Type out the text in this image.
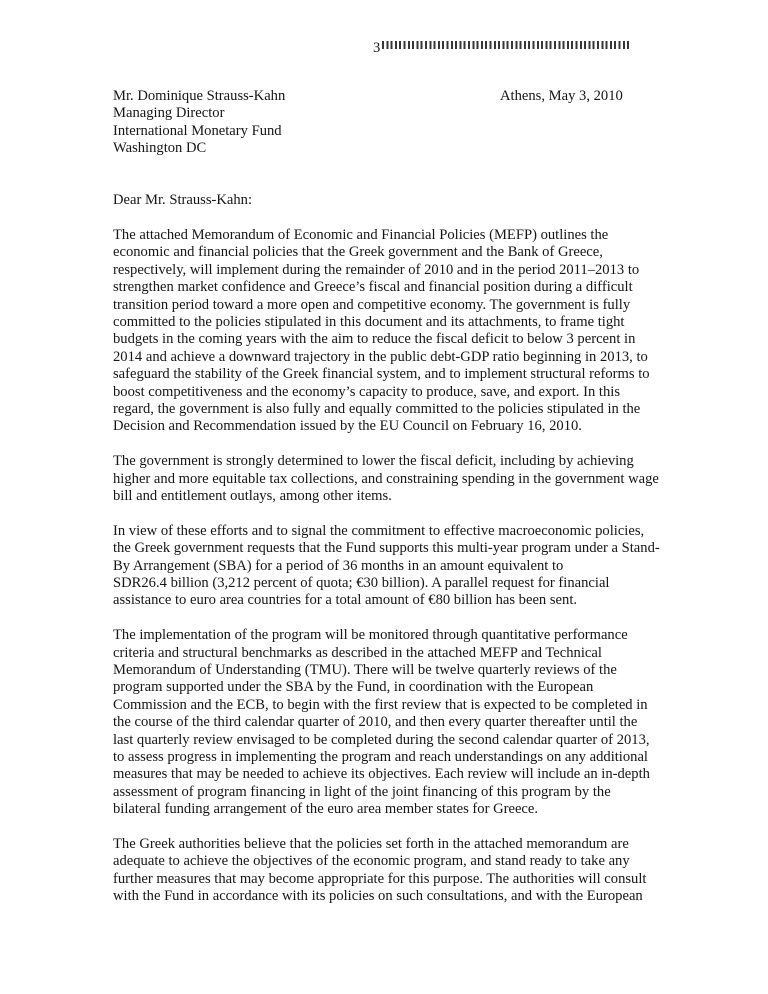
3
Mr. Dominique Strauss-Kahn
Managing Director
International Monetary Fund
Washington DC
Athens, May 3, 2010
Dear Mr. Strauss-Kahn:

The attached Memorandum of Economic and Financial Policies (MEFP) outlines the
economic and financial policies that the Greek government and the Bank of Greece,
respectively, will implement during the remainder of 2010 and in the period 2011–2013 to
strengthen market confidence and Greece’s fiscal and financial position during a difficult
transition period toward a more open and competitive economy. The government is fully
committed to the policies stipulated in this document and its attachments, to frame tight
budgets in the coming years with the aim to reduce the fiscal deficit to below 3 percent in
2014 and achieve a downward trajectory in the public debt-GDP ratio beginning in 2013, to
safeguard the stability of the Greek financial system, and to implement structural reforms to
boost competitiveness and the economy’s capacity to produce, save, and export. In this
regard, the government is also fully and equally committed to the policies stipulated in the
Decision and Recommendation issued by the EU Council on February 16, 2010.

The government is strongly determined to lower the fiscal deficit, including by achieving
higher and more equitable tax collections, and constraining spending in the government wage
bill and entitlement outlays, among other items.

In view of these efforts and to signal the commitment to effective macroeconomic policies,
the Greek government requests that the Fund supports this multi-year program under a Stand-
By Arrangement (SBA) for a period of 36 months in an amount equivalent to
SDR26.4 billion (3,212 percent of quota; €30 billion). A parallel request for financial
assistance to euro area countries for a total amount of €80 billion has been sent.

The implementation of the program will be monitored through quantitative performance
criteria and structural benchmarks as described in the attached MEFP and Technical
Memorandum of Understanding (TMU). There will be twelve quarterly reviews of the
program supported under the SBA by the Fund, in coordination with the European
Commission and the ECB, to begin with the first review that is expected to be completed in
the course of the third calendar quarter of 2010, and then every quarter thereafter until the
last quarterly review envisaged to be completed during the second calendar quarter of 2013,
to assess progress in implementing the program and reach understandings on any additional
measures that may be needed to achieve its objectives. Each review will include an in-depth
assessment of program financing in light of the joint financing of this program by the
bilateral funding arrangement of the euro area member states for Greece.

The Greek authorities believe that the policies set forth in the attached memorandum are
adequate to achieve the objectives of the economic program, and stand ready to take any
further measures that may become appropriate for this purpose. The authorities will consult
with the Fund in accordance with its policies on such consultations, and with the European
